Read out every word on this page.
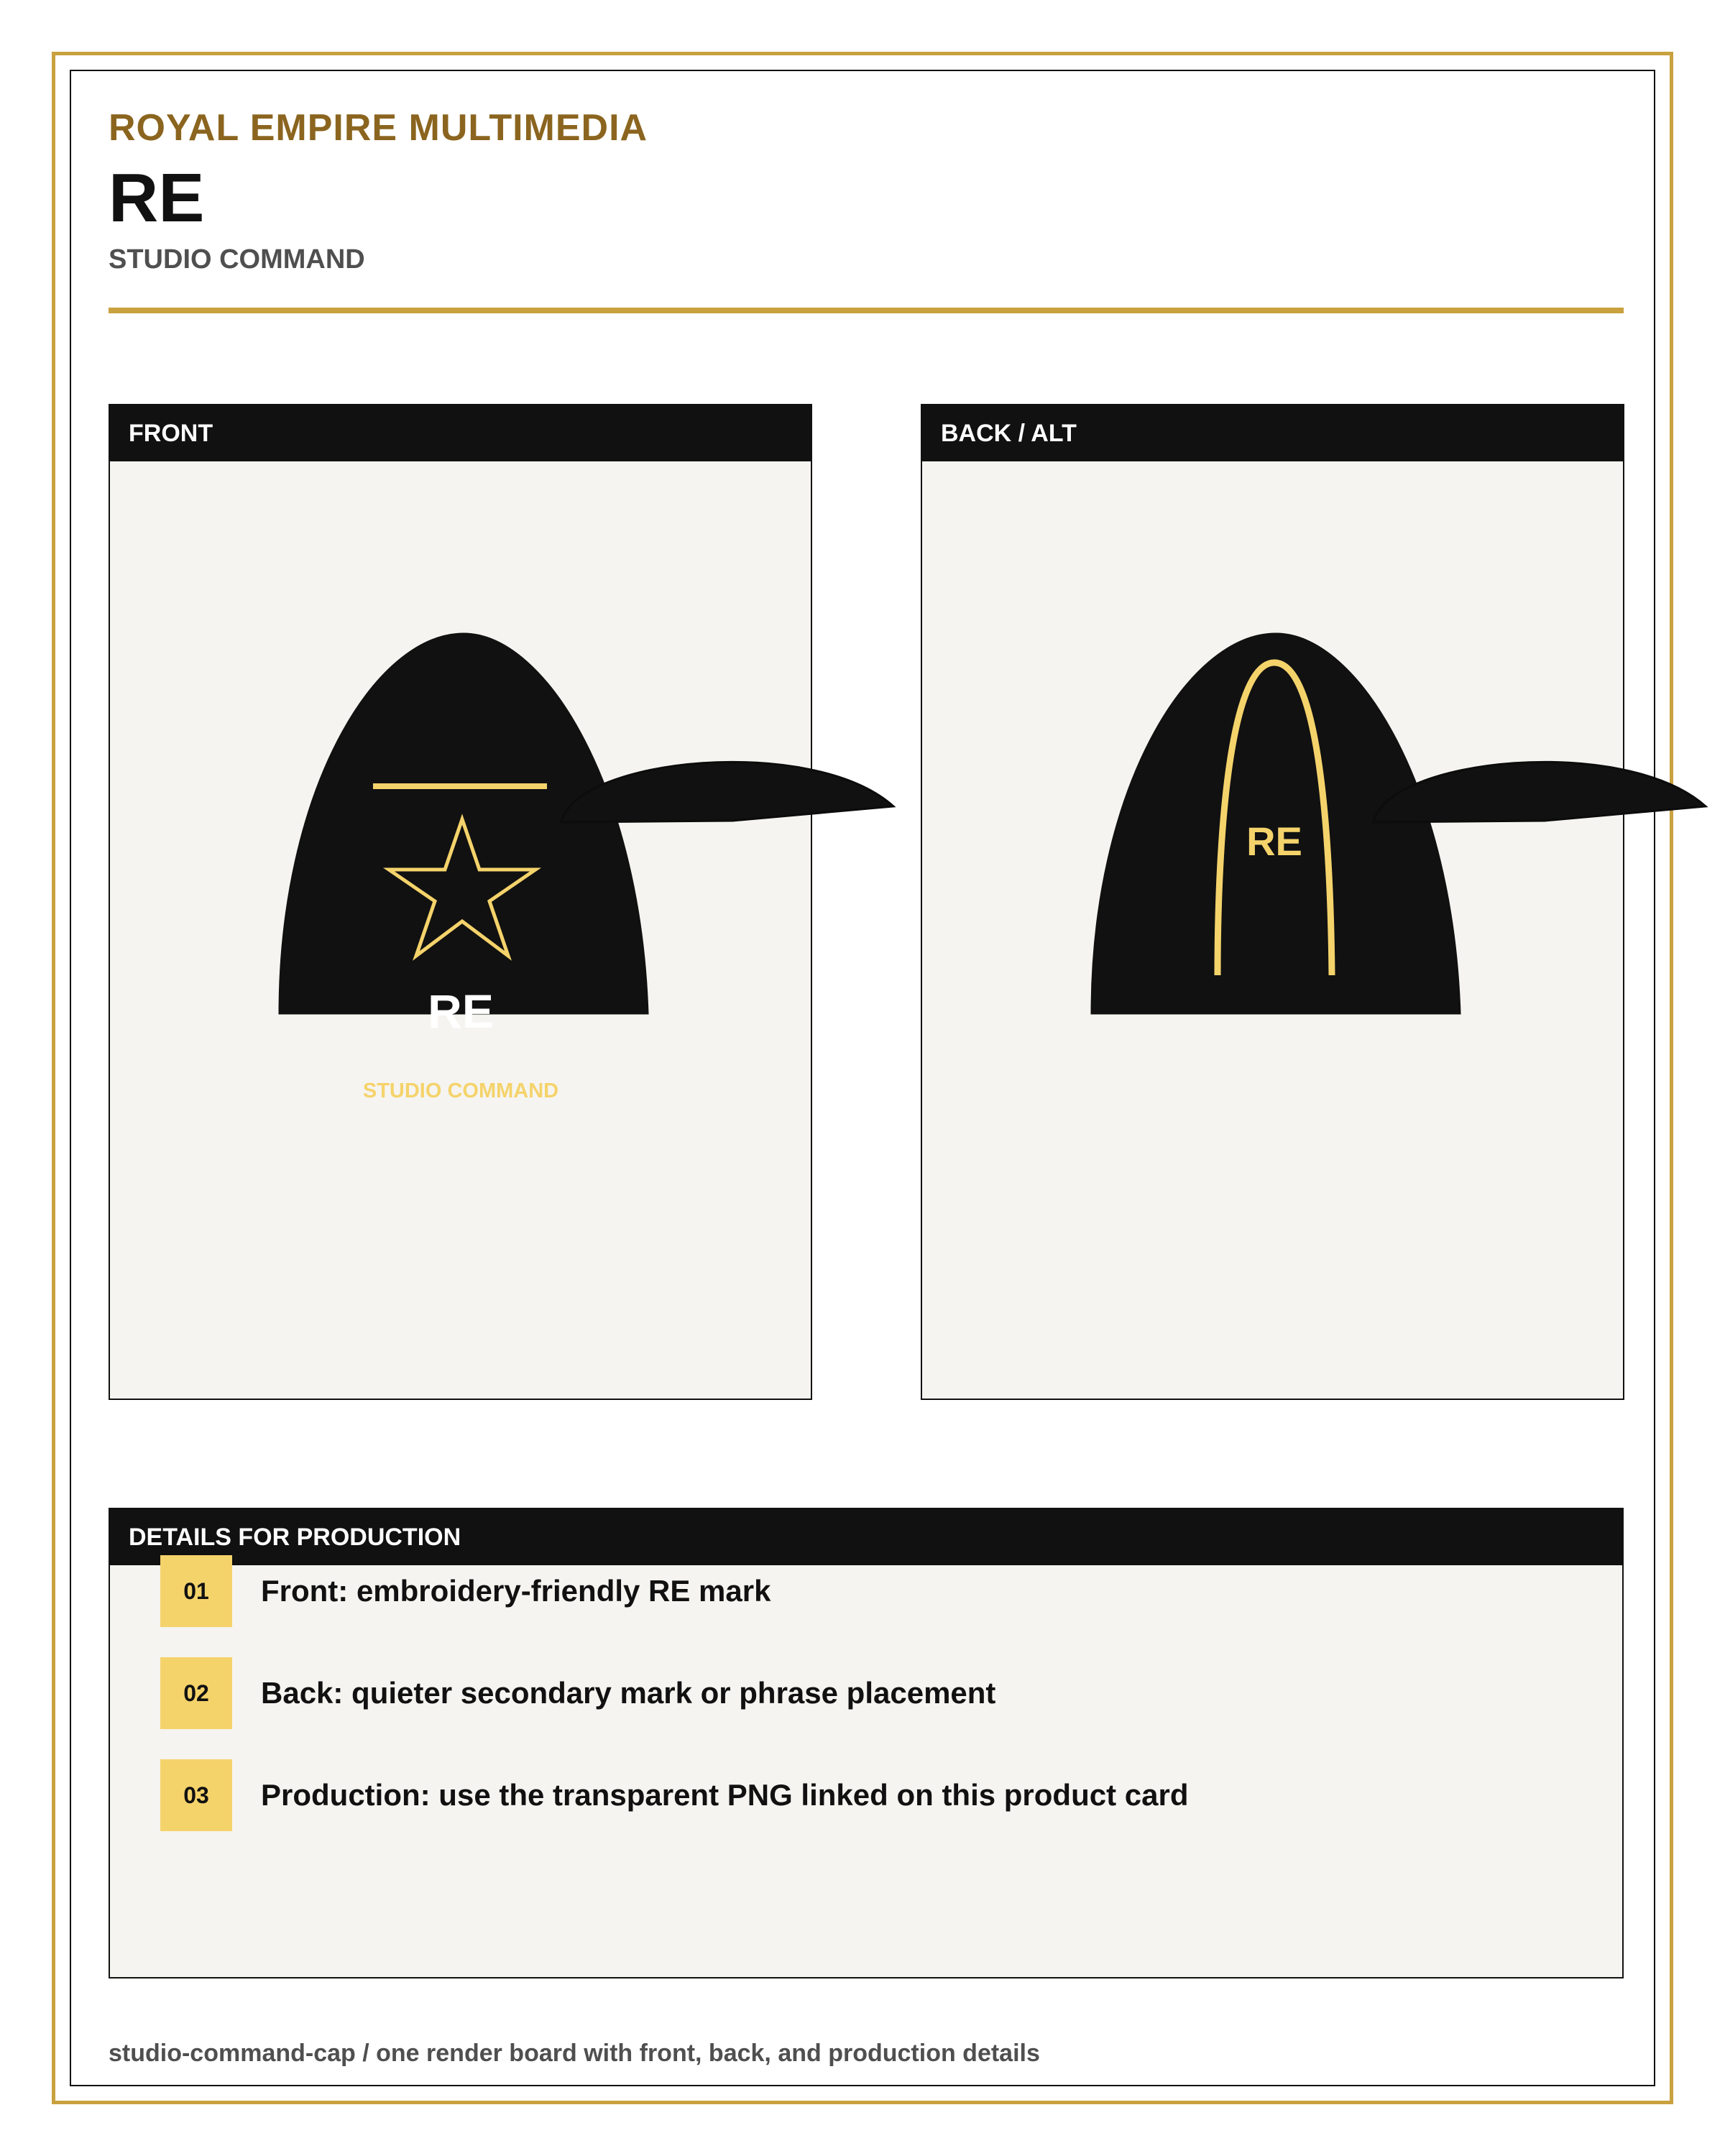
ROYAL EMPIRE MULTIMEDIA
RE
STUDIO COMMAND
FRONT	BACK / ALT
RE
STUDIO COMMAND
RE
DETAILS FOR PRODUCTION
01	Front: embroidery-friendly RE mark
02	Back: quieter secondary mark or phrase placement
03	Production: use the transparent PNG linked on this product card
studio-command-cap / one render board with front, back, and production details
